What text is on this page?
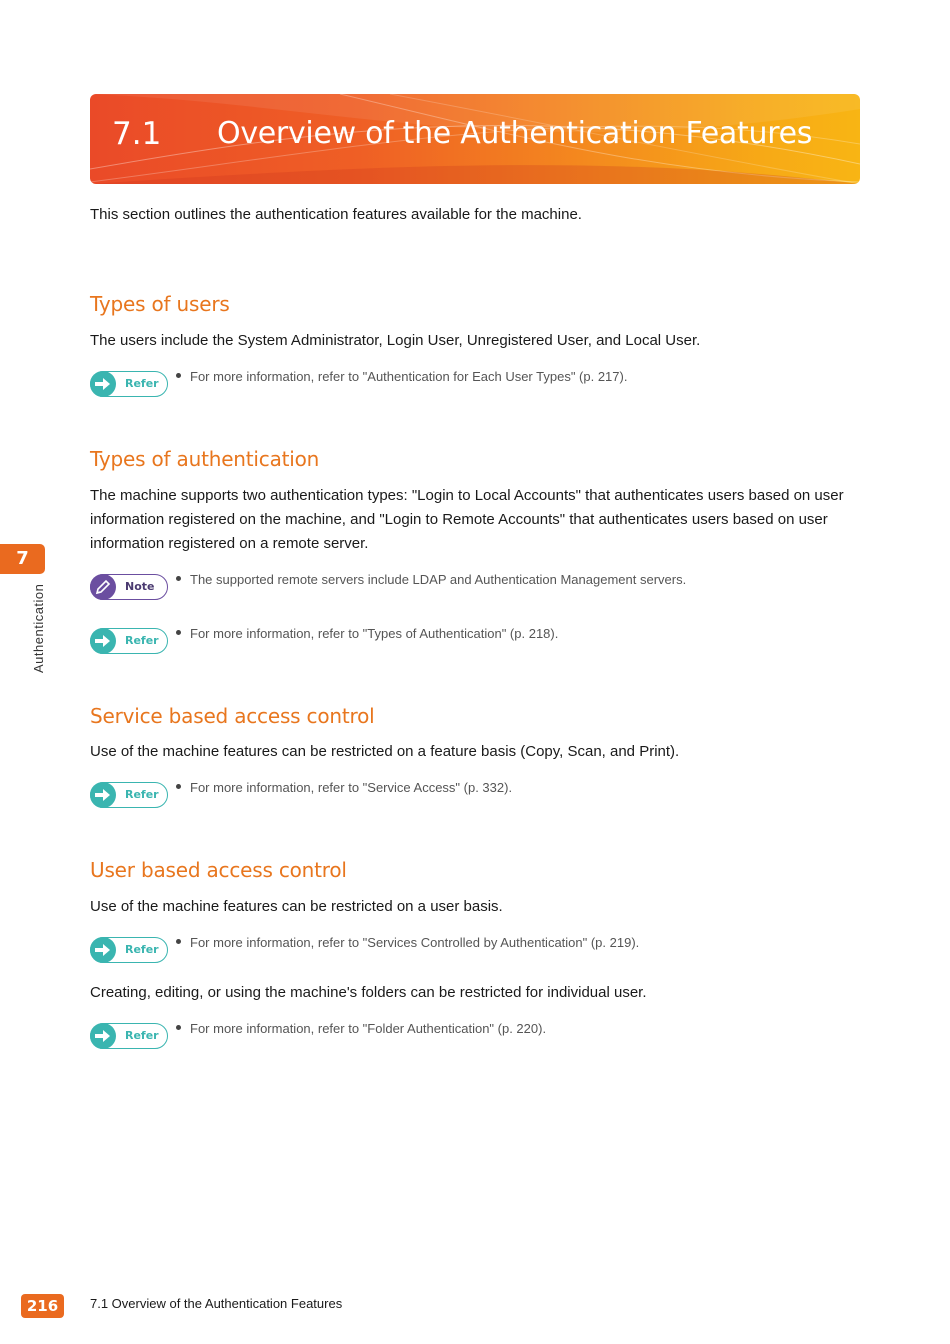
7.1 Overview of the Authentication Features
This section outlines the authentication features available for the machine.
Types of users
The users include the System Administrator, Login User, Unregistered User, and Local User.
Refer	For more information, refer to "Authentication for Each User Types" (p. 217).
Types of authentication
The machine supports two authentication types: "Login to Local Accounts" that authenticates users based on user information registered on the machine, and "Login to Remote Accounts" that authenticates users based on user information registered on a remote server.
Note	The supported remote servers include LDAP and Authentication Management servers.
Refer	For more information, refer to "Types of Authentication" (p. 218).
Service based access control
Use of the machine features can be restricted on a feature basis (Copy, Scan, and Print).
Refer	For more information, refer to "Service Access" (p. 332).
User based access control
Use of the machine features can be restricted on a user basis.
Refer	For more information, refer to "Services Controlled by Authentication" (p. 219).
Creating, editing, or using the machine's folders can be restricted for individual user.
Refer	For more information, refer to "Folder Authentication" (p. 220).
7
Authentication
216	7.1 Overview of the Authentication Features
